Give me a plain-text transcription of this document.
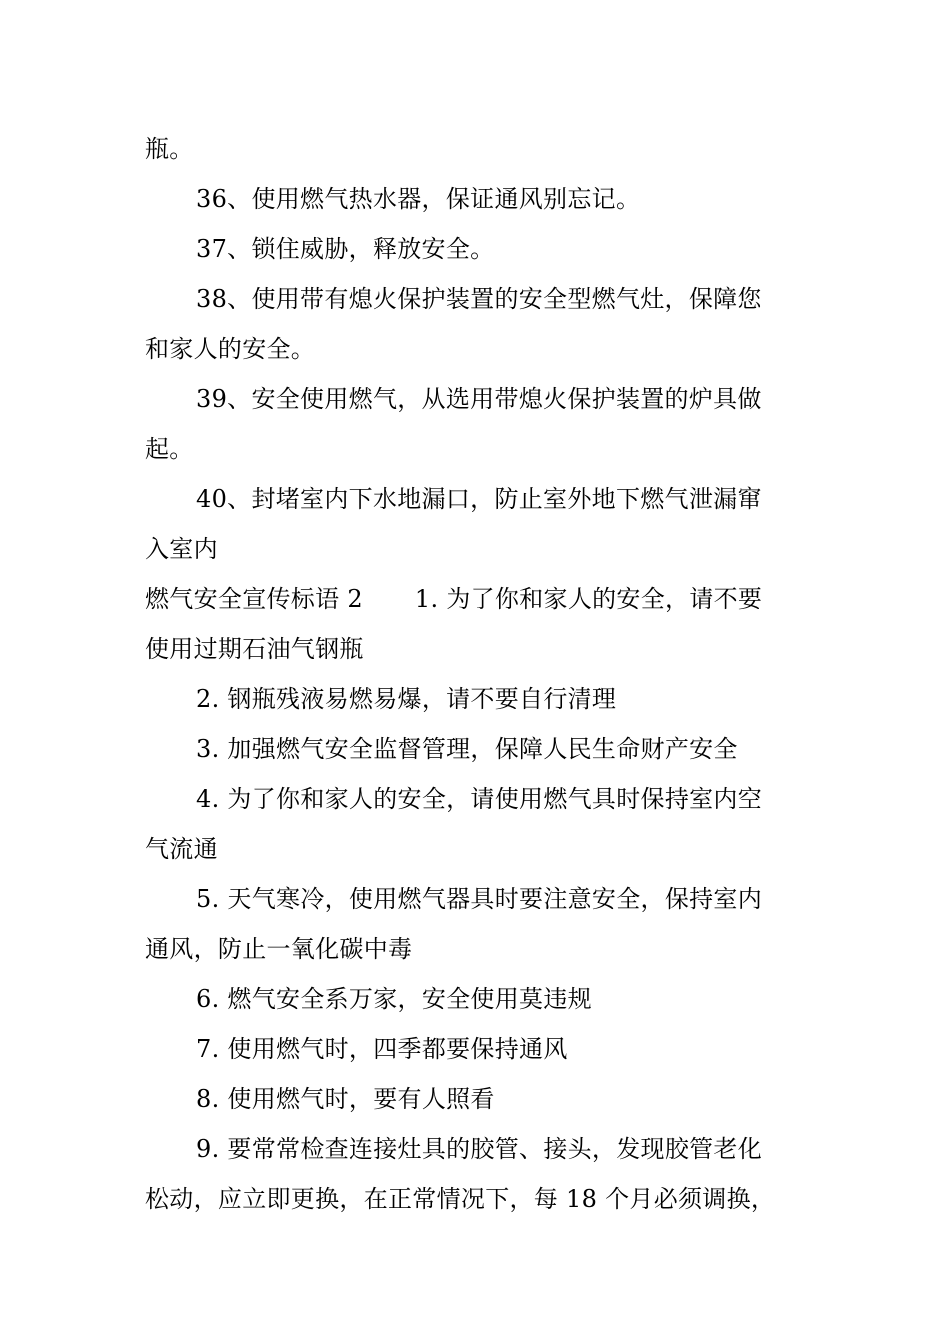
瓶。
36、使用燃气热水器，保证通风别忘记。
37、锁住威胁，释放安全。
38、使用带有熄火保护装置的安全型燃气灶，保障您
和家人的安全。
39、安全使用燃气，从选用带熄火保护装置的炉具做
起。
40、封堵室内下水地漏口，防止室外地下燃气泄漏窜
入室内
燃气安全宣传标语 2 1. 为了你和家人的安全，请不要
使用过期石油气钢瓶
2. 钢瓶残液易燃易爆，请不要自行清理
3. 加强燃气安全监督管理，保障人民生命财产安全
4. 为了你和家人的安全，请使用燃气具时保持室内空
气流通
5. 天气寒冷，使用燃气器具时要注意安全，保持室内
通风，防止一氧化碳中毒
6. 燃气安全系万家，安全使用莫违规
7. 使用燃气时，四季都要保持通风
8. 使用燃气时，要有人照看
9. 要常常检查连接灶具的胶管、接头，发现胶管老化
松动，应立即更换，在正常情况下，每 18 个月必须调换，
